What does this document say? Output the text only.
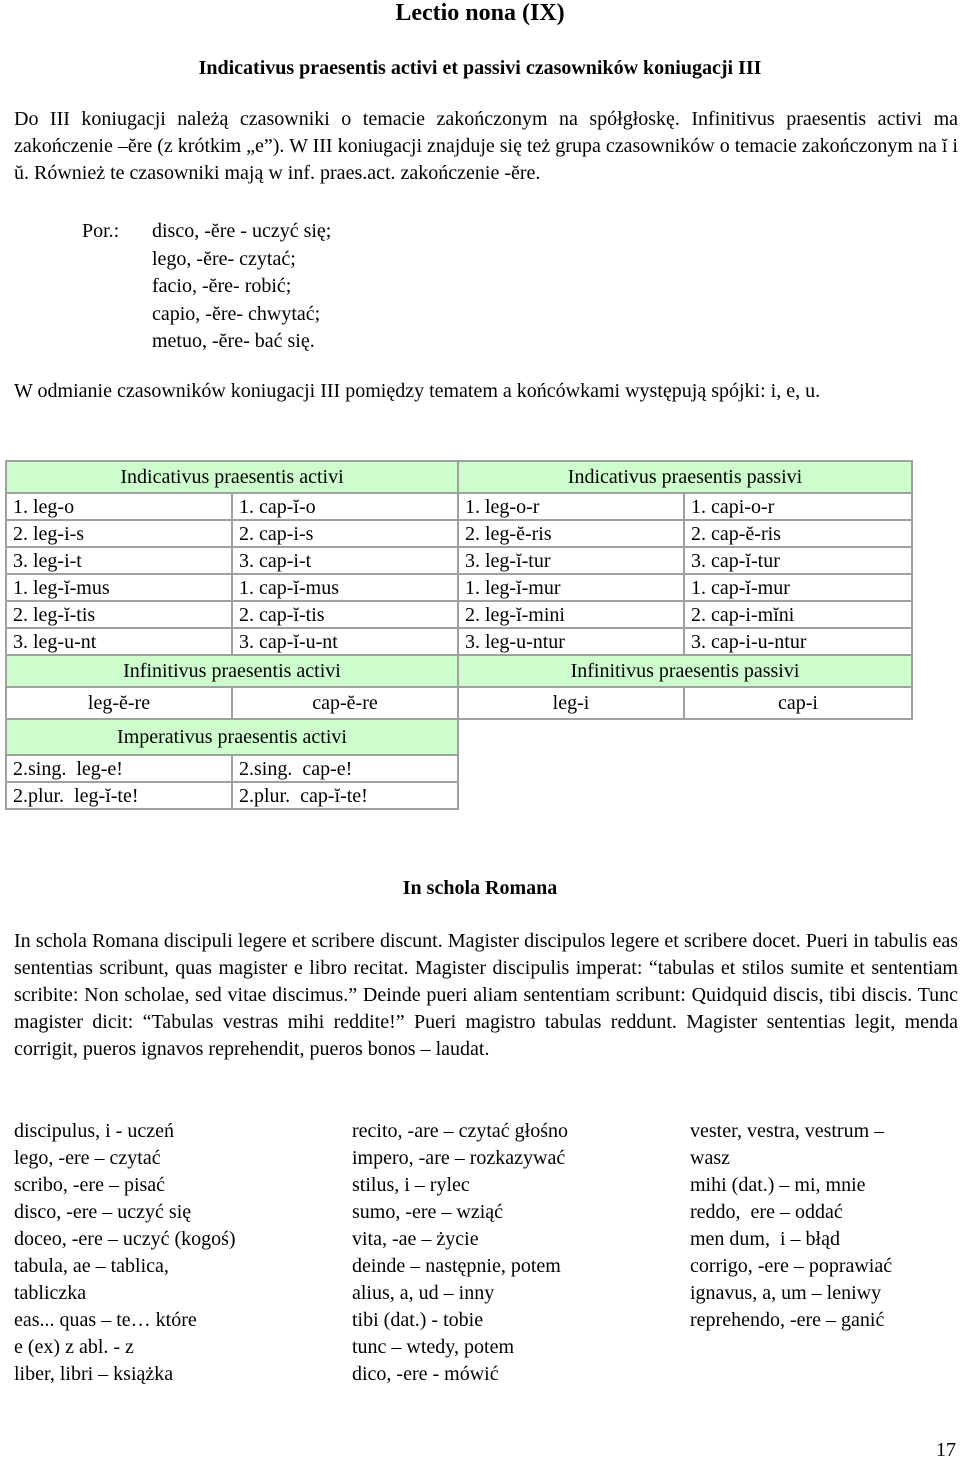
Lectio nona (IX)
Indicativus praesentis activi et passivi czasowników koniugacji III
Do III koniugacji należą czasowniki o temacie zakończonym na spółgłoskę. Infinitivus praesentis activi ma zakończenie –ĕre (z krótkim „e”). W III koniugacji znajduje się też grupa czasowników o temacie zakończonym na ĭ i ŭ. Również te czasowniki mają w inf. praes.act. zakończenie -ĕre.
Por.: disco, -ĕre - uczyć się;
lego, -ĕre- czytać;
facio, -ĕre- robić;
capio, -ĕre- chwytać;
metuo, -ĕre- bać się.
W odmianie czasowników koniugacji III pomiędzy tematem a końcówkami występują spójki: i, e, u.
Indicativus praesentis activi		Indicativus praesentis passivi	
1. leg-o	1. cap-ĭ-o	1. leg-o-r	1. capi-o-r
2. leg-i-s	2. cap-i-s	2. leg-ĕ-ris	2. cap-ĕ-ris
3. leg-i-t	3. cap-i-t	3. leg-ĭ-tur	3. cap-ĭ-tur
1. leg-ĭ-mus	1. cap-ĭ-mus	1. leg-ĭ-mur	1. cap-ĭ-mur
2. leg-ĭ-tis	2. cap-ĭ-tis	2. leg-ĭ-mini	2. cap-i-mĭni
3. leg-u-nt	3. cap-ĭ-u-nt	3. leg-u-ntur	3. cap-i-u-ntur
Infinitivus praesentis activi		Infinitivus praesentis passivi	
leg-ĕ-re	cap-ĕ-re	leg-i	cap-i
Imperativus praesentis activi			
2.sing.  leg-e!	2.sing.  cap-e!		
2.plur.  leg-ĭ-te!	2.plur.  cap-ĭ-te!		
In schola Romana
In schola Romana discipuli legere et scribere discunt. Magister discipulos legere et scribere docet. Pueri in tabulis eas sententias scribunt, quas magister e libro recitat. Magister discipulis imperat: “tabulas et stilos sumite et sententiam scribite: Non scholae, sed vitae discimus.” Deinde pueri aliam sententiam scribunt: Quidquid discis, tibi discis. Tunc magister dicit: “Tabulas vestras mihi reddite!” Pueri magistro tabulas reddunt. Magister sententias legit, menda corrigit, pueros ignavos reprehendit, pueros bonos – laudat.
discipulus, i - uczeń
lego, -ere – czytać
scribo, -ere – pisać
disco, -ere – uczyć się
doceo, -ere – uczyć (kogoś)
tabula, ae – tablica,
tabliczka
eas... quas – te… które
e (ex) z abl. - z
liber, libri – książka
recito, -are – czytać głośno
impero, -are – rozkazywać
stilus, i – rylec
sumo, -ere – wziąć
vita, -ae – życie
deinde – następnie, potem
alius, a, ud – inny
tibi (dat.) - tobie
tunc – wtedy, potem
dico, -ere - mówić
vester, vestra, vestrum –
wasz
mihi (dat.) – mi, mnie
reddo,  ere – oddać
men dum,  i – błąd
corrigo, -ere – poprawiać
ignavus, a, um – leniwy
reprehendo, -ere – ganić
17
